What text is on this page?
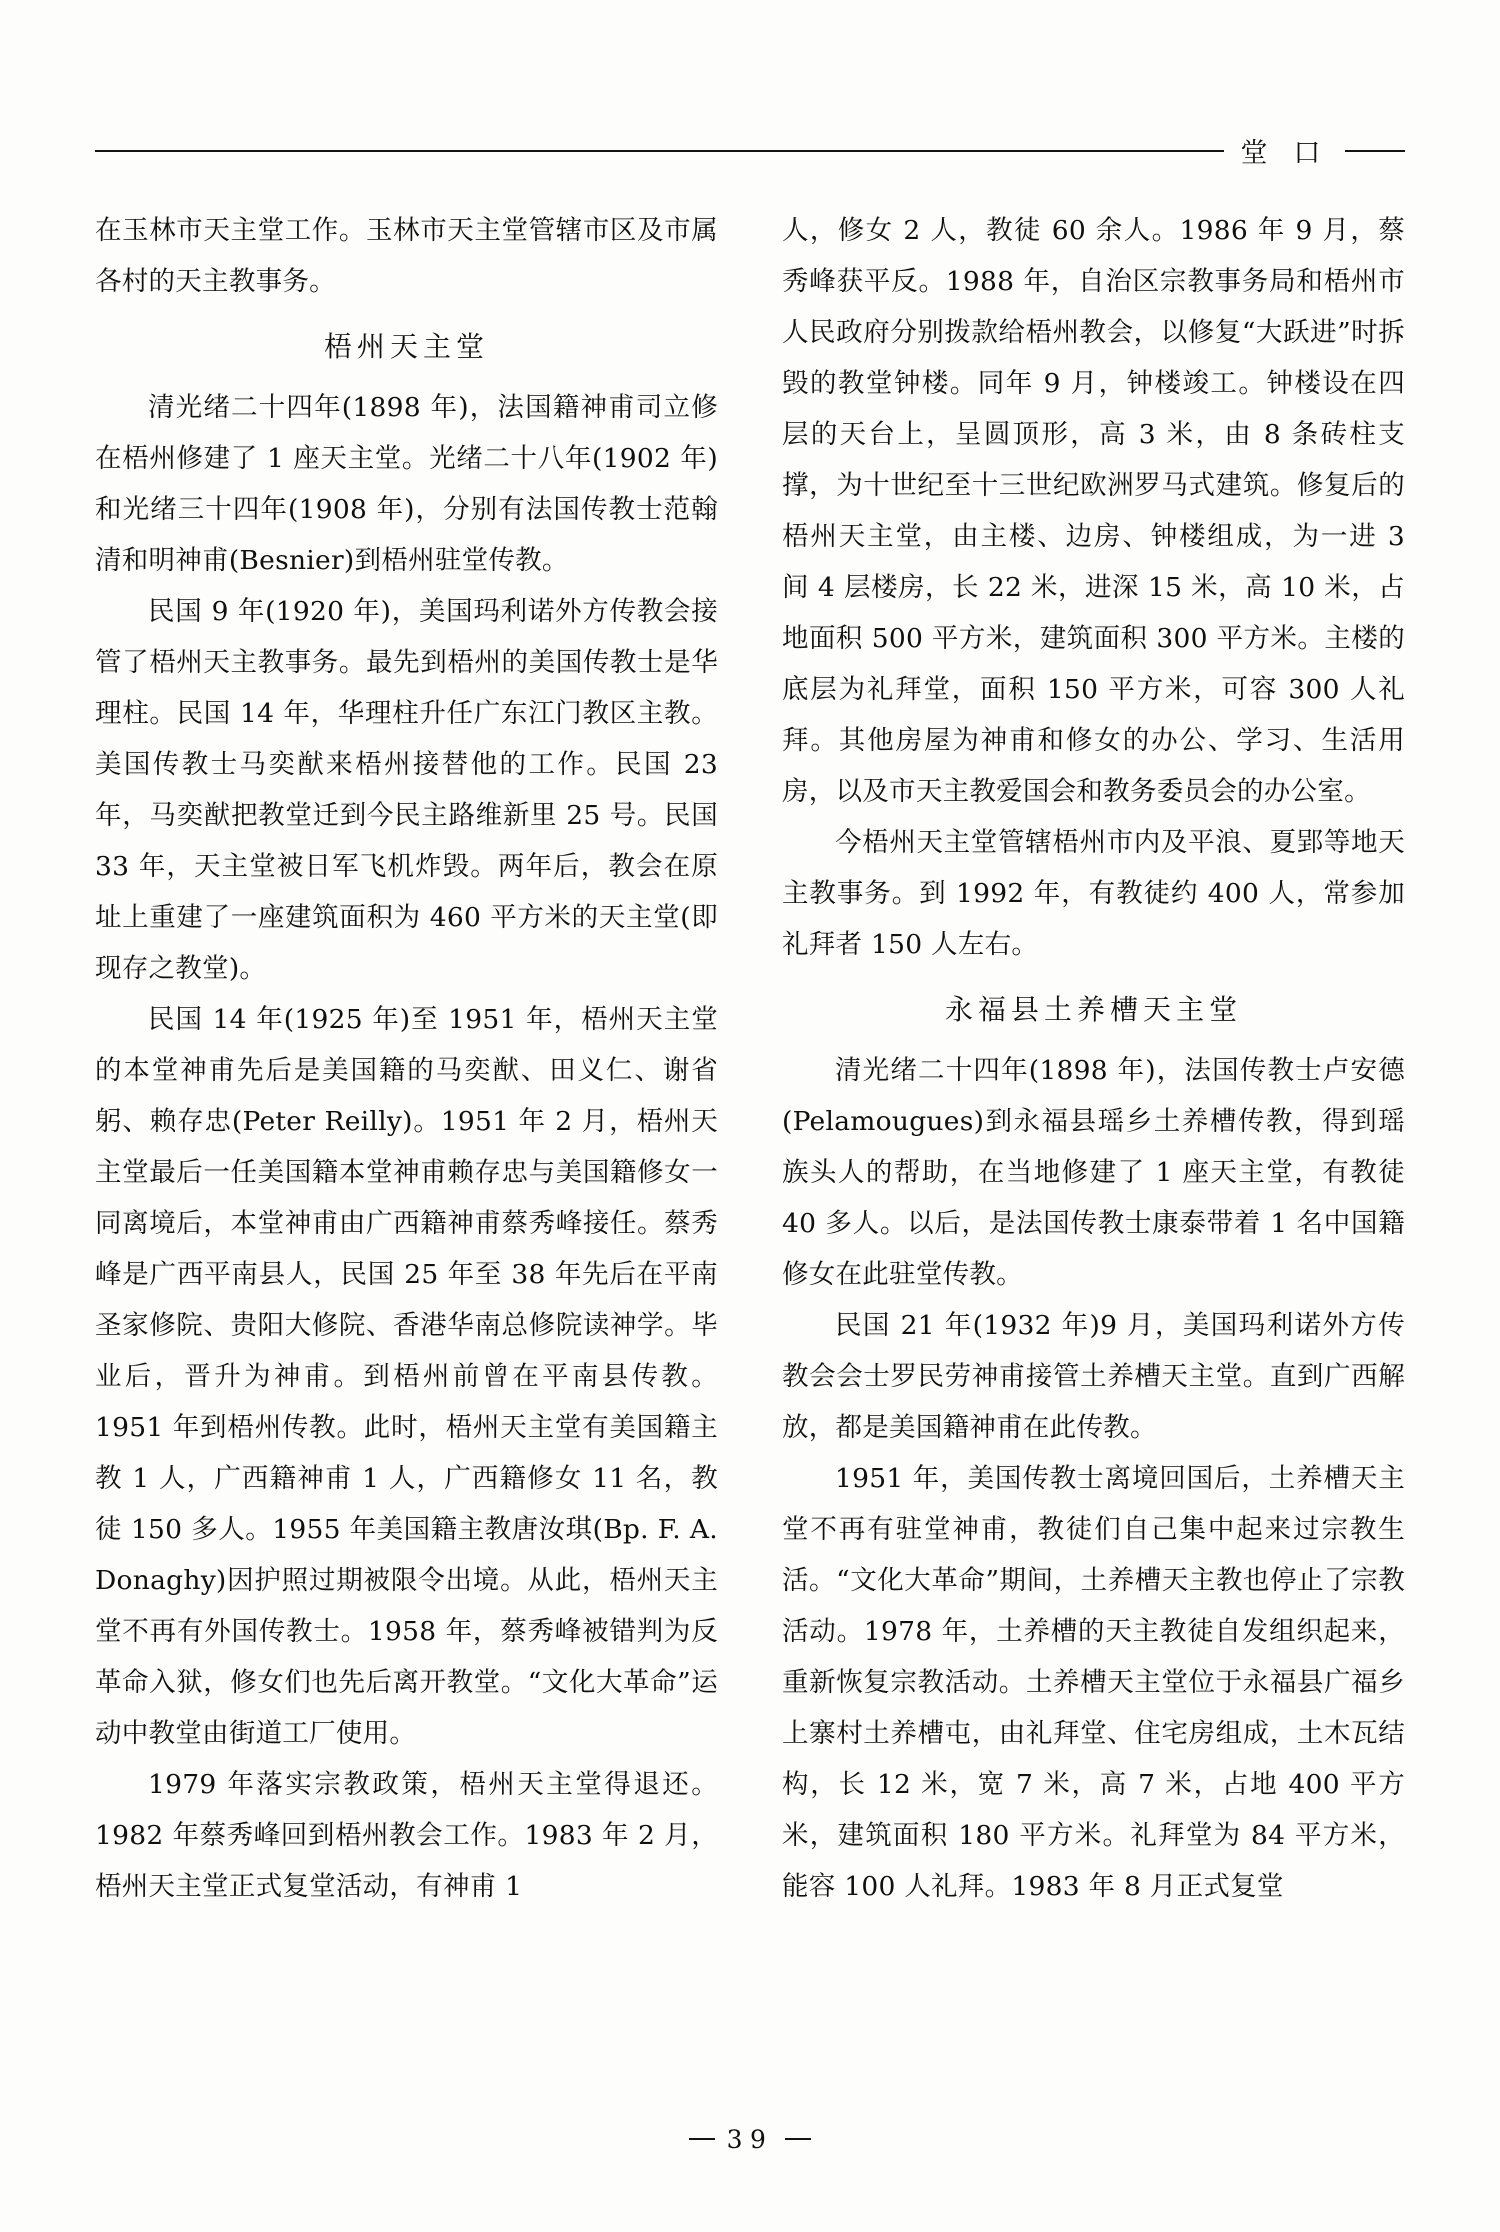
堂 口

在玉林市天主堂工作。玉林市天主堂管辖市区及市属各村的天主教事务。

梧州天主堂

清光绪二十四年(1898 年)，法国籍神甫司立修在梧州修建了 1 座天主堂。光绪二十八年(1902 年)和光绪三十四年(1908 年)，分别有法国传教士范翰清和明神甫(Besnier)到梧州驻堂传教。

民国 9 年(1920 年)，美国玛利诺外方传教会接管了梧州天主教事务。最先到梧州的美国传教士是华理柱。民国 14 年，华理柱升任广东江门教区主教。美国传教士马奕猷来梧州接替他的工作。民国 23 年，马奕猷把教堂迁到今民主路维新里 25 号。民国 33 年，天主堂被日军飞机炸毁。两年后，教会在原址上重建了一座建筑面积为 460 平方米的天主堂(即现存之教堂)。

民国 14 年(1925 年)至 1951 年，梧州天主堂的本堂神甫先后是美国籍的马奕猷、田义仁、谢省躬、赖存忠(Peter Reilly)。1951 年 2 月，梧州天主堂最后一任美国籍本堂神甫赖存忠与美国籍修女一同离境后，本堂神甫由广西籍神甫蔡秀峰接任。蔡秀峰是广西平南县人，民国 25 年至 38 年先后在平南圣家修院、贵阳大修院、香港华南总修院读神学。毕业后，晋升为神甫。到梧州前曾在平南县传教。1951 年到梧州传教。此时，梧州天主堂有美国籍主教 1 人，广西籍神甫 1 人，广西籍修女 11 名，教徒 150 多人。1955 年美国籍主教唐汝琪(Bp. F. A. Donaghy)因护照过期被限令出境。从此，梧州天主堂不再有外国传教士。1958 年，蔡秀峰被错判为反革命入狱，修女们也先后离开教堂。“文化大革命”运动中教堂由街道工厂使用。

1979 年落实宗教政策，梧州天主堂得退还。1982 年蔡秀峰回到梧州教会工作。1983 年 2 月，梧州天主堂正式复堂活动，有神甫 1

人，修女 2 人，教徒 60 余人。1986 年 9 月，蔡秀峰获平反。1988 年，自治区宗教事务局和梧州市人民政府分别拨款给梧州教会，以修复“大跃进”时拆毁的教堂钟楼。同年 9 月，钟楼竣工。钟楼设在四层的天台上，呈圆顶形，高 3 米，由 8 条砖柱支撑，为十世纪至十三世纪欧洲罗马式建筑。修复后的梧州天主堂，由主楼、边房、钟楼组成，为一进 3 间 4 层楼房，长 22 米，进深 15 米，高 10 米，占地面积 500 平方米，建筑面积 300 平方米。主楼的底层为礼拜堂，面积 150 平方米，可容 300 人礼拜。其他房屋为神甫和修女的办公、学习、生活用房，以及市天主教爱国会和教务委员会的办公室。

今梧州天主堂管辖梧州市内及平浪、夏郢等地天主教事务。到 1992 年，有教徒约 400 人，常参加礼拜者 150 人左右。

永福县土养槽天主堂

清光绪二十四年(1898 年)，法国传教士卢安德(Pelamougues)到永福县瑶乡土养槽传教，得到瑶族头人的帮助，在当地修建了 1 座天主堂，有教徒 40 多人。以后，是法国传教士康泰带着 1 名中国籍修女在此驻堂传教。

民国 21 年(1932 年)9 月，美国玛利诺外方传教会会士罗民劳神甫接管土养槽天主堂。直到广西解放，都是美国籍神甫在此传教。

1951 年，美国传教士离境回国后，土养槽天主堂不再有驻堂神甫，教徒们自己集中起来过宗教生活。“文化大革命”期间，土养槽天主教也停止了宗教活动。1978 年，土养槽的天主教徒自发组织起来，重新恢复宗教活动。土养槽天主堂位于永福县广福乡上寨村土养槽屯，由礼拜堂、住宅房组成，土木瓦结构，长 12 米，宽 7 米，高 7 米，占地 400 平方米，建筑面积 180 平方米。礼拜堂为 84 平方米，能容 100 人礼拜。1983 年 8 月正式复堂

39
